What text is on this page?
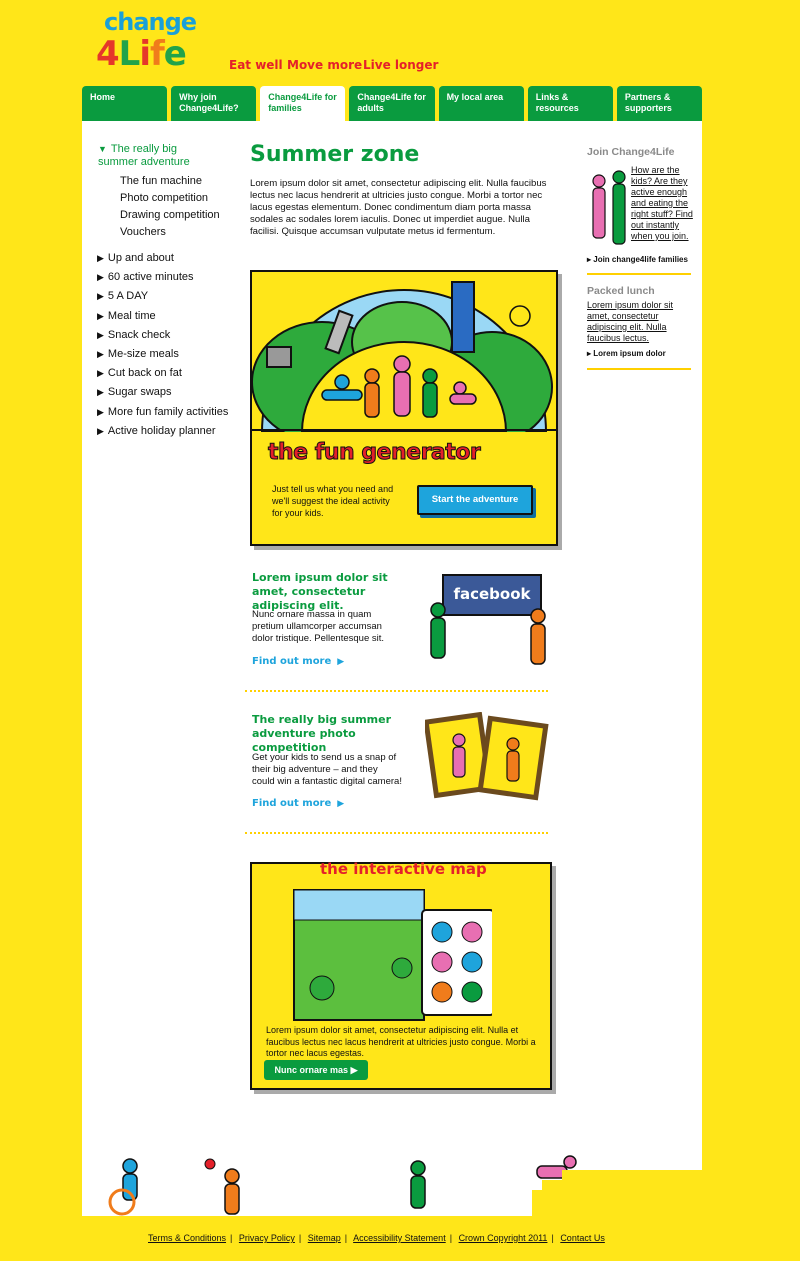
change
4Life	Eat well Move more Live longer
Home	Why join Change4Life?
Change4Life for families
Change4Life for adults
My local area	Links & resources
Partners & supporters
▼ The really big summer adventure
The fun machine
Photo competition
Drawing competition
Vouchers
▶ Up and about
▶ 60 active minutes
▶ 5 A DAY
▶ Meal time
▶ Snack check
▶ Me-size meals
▶ Cut back on fat
▶ Sugar swaps
▶ More fun family activities
▶ Active holiday planner
Summer zone
Lorem ipsum dolor sit amet, consectetur adipiscing elit. Nulla faucibus lectus nec lacus hendrerit at ultricies justo congue. Morbi a tortor nec lacus egestas elementum. Donec condimentum diam porta massa sodales ac sodales lorem iaculis. Donec ut imperdiet augue. Nulla facilisi. Quisque accumsan vulputate metus id fermentum.
the fun generator
Just tell us what you need and we'll suggest the ideal activity for your kids.
Start the adventure
Lorem ipsum dolor sit amet, consectetur adipiscing elit.
Nunc ornare massa in quam pretium ullamcorper accumsan dolor tristique. Pellentesque sit.
Find out more ▶
facebook
The really big summer adventure photo competition
Get your kids to send us a snap of their big adventure – and they could win a fantastic digital camera!
Find out more ▶
the interactive map
Lorem ipsum dolor sit amet, consectetur adipiscing elit. Nulla et faucibus lectus nec lacus hendrerit at ultricies justo congue. Morbi a tortor nec lacus egestas.
Nunc ornare mas ▶
Join Change4Life
How are the kids? Are they active enough and eating the right stuff? Find out instantly when you join.
▸ Join change4life families
Packed lunch
Lorem ipsum dolor sit amet, consectetur adipiscing elit. Nulla faucibus lectus.
▸ Lorem ipsum dolor
Terms & Conditions | Privacy Policy | Sitemap | Accessibility Statement | Crown Copyright 2011 | Contact Us
